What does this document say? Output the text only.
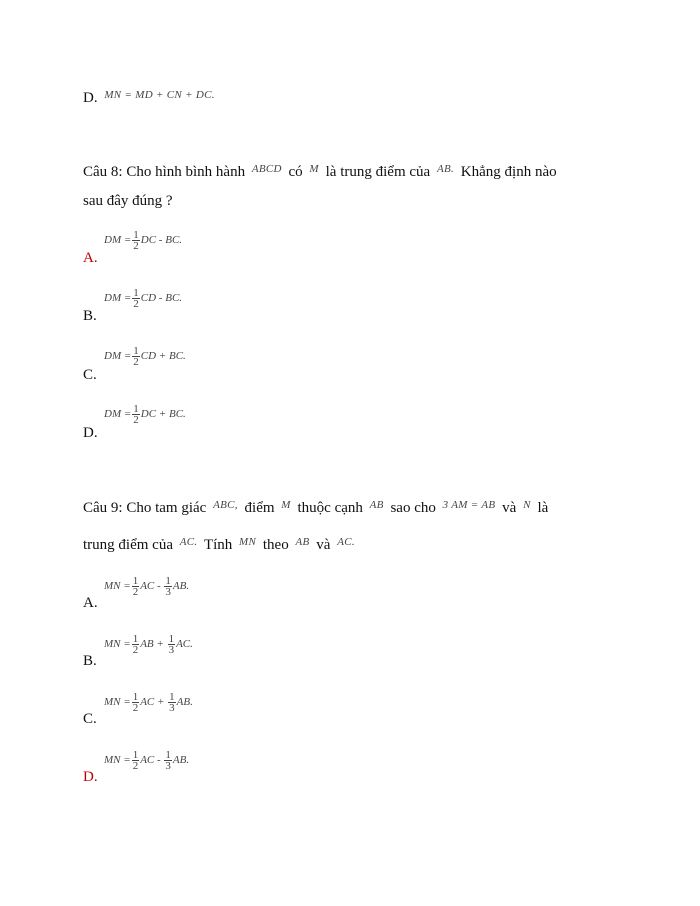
D. $^{MN = MD + CN + DC.}$
Câu 8: Cho hình bình hành $^{ABCD}$ có $^M$ là trung điểm của $^{AB.}$ Khẳng định nào
sau đây đúng ?
DM = $\frac{1}{2}$ DC - BC.
A.
DM = $\frac{1}{2}$ CD - BC.
B.
DM = $\frac{1}{2}$ CD + BC.
C.
DM = $\frac{1}{2}$ DC + BC.
D.
Câu 9: Cho tam giác $^{ABC,}$ điểm $^M$ thuộc cạnh $^{AB}$ sao cho $^{3 AM = AB}$ và $^N$ là
trung điểm của $^{AC.}$ Tính $^{MN}$ theo $^{AB}$ và $^{AC.}$
MN = $\frac{1}{2}$ AC - $\frac{1}{3}$ AB.
A.
MN = $\frac{1}{2}$ AB + $\frac{1}{3}$ AC.
B.
MN = $\frac{1}{2}$ AC + $\frac{1}{3}$ AB.
C.
MN = $\frac{1}{2}$ AC - $\frac{1}{3}$ AB.
D.
